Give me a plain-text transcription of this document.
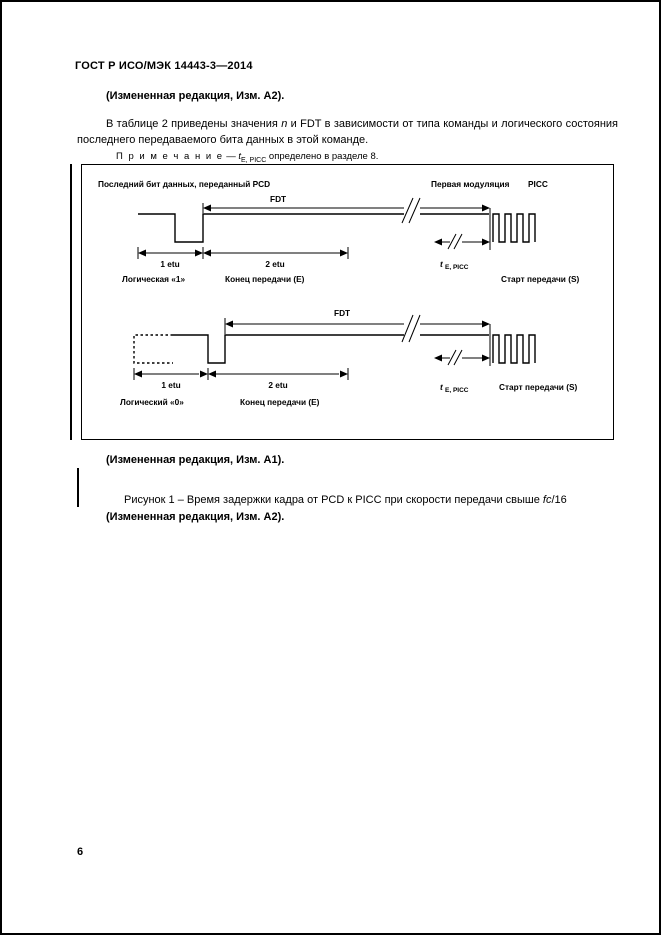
ГОСТ Р ИСО/МЭК 14443-3—2014
(Измененная редакция, Изм. А2).

В таблице 2 приведены значения n и FDT в зависимости от типа команды и логического состояния последнего передаваемого бита данных в этой команде.

П р и м е ч а н и е — $t_{E, PICC}$ определено в разделе 8.

Последний бит данных, переданный PCD	Первая модуляция PICC
FDT
1 etu	2 etu	t E, PICC
Логическая «1»	Конец передачи (E)	Старт передачи (S)
FDT
1 etu	2 etu	t E, PICC	Старт передачи (S)
Логический «0»	Конец передачи (E)
(Измененная редакция, Изм. А1).

Рисунок 1 – Время задержки кадра от PCD к PICC при скорости передачи свыше fc/16

(Измененная редакция, Изм. А2).
6
